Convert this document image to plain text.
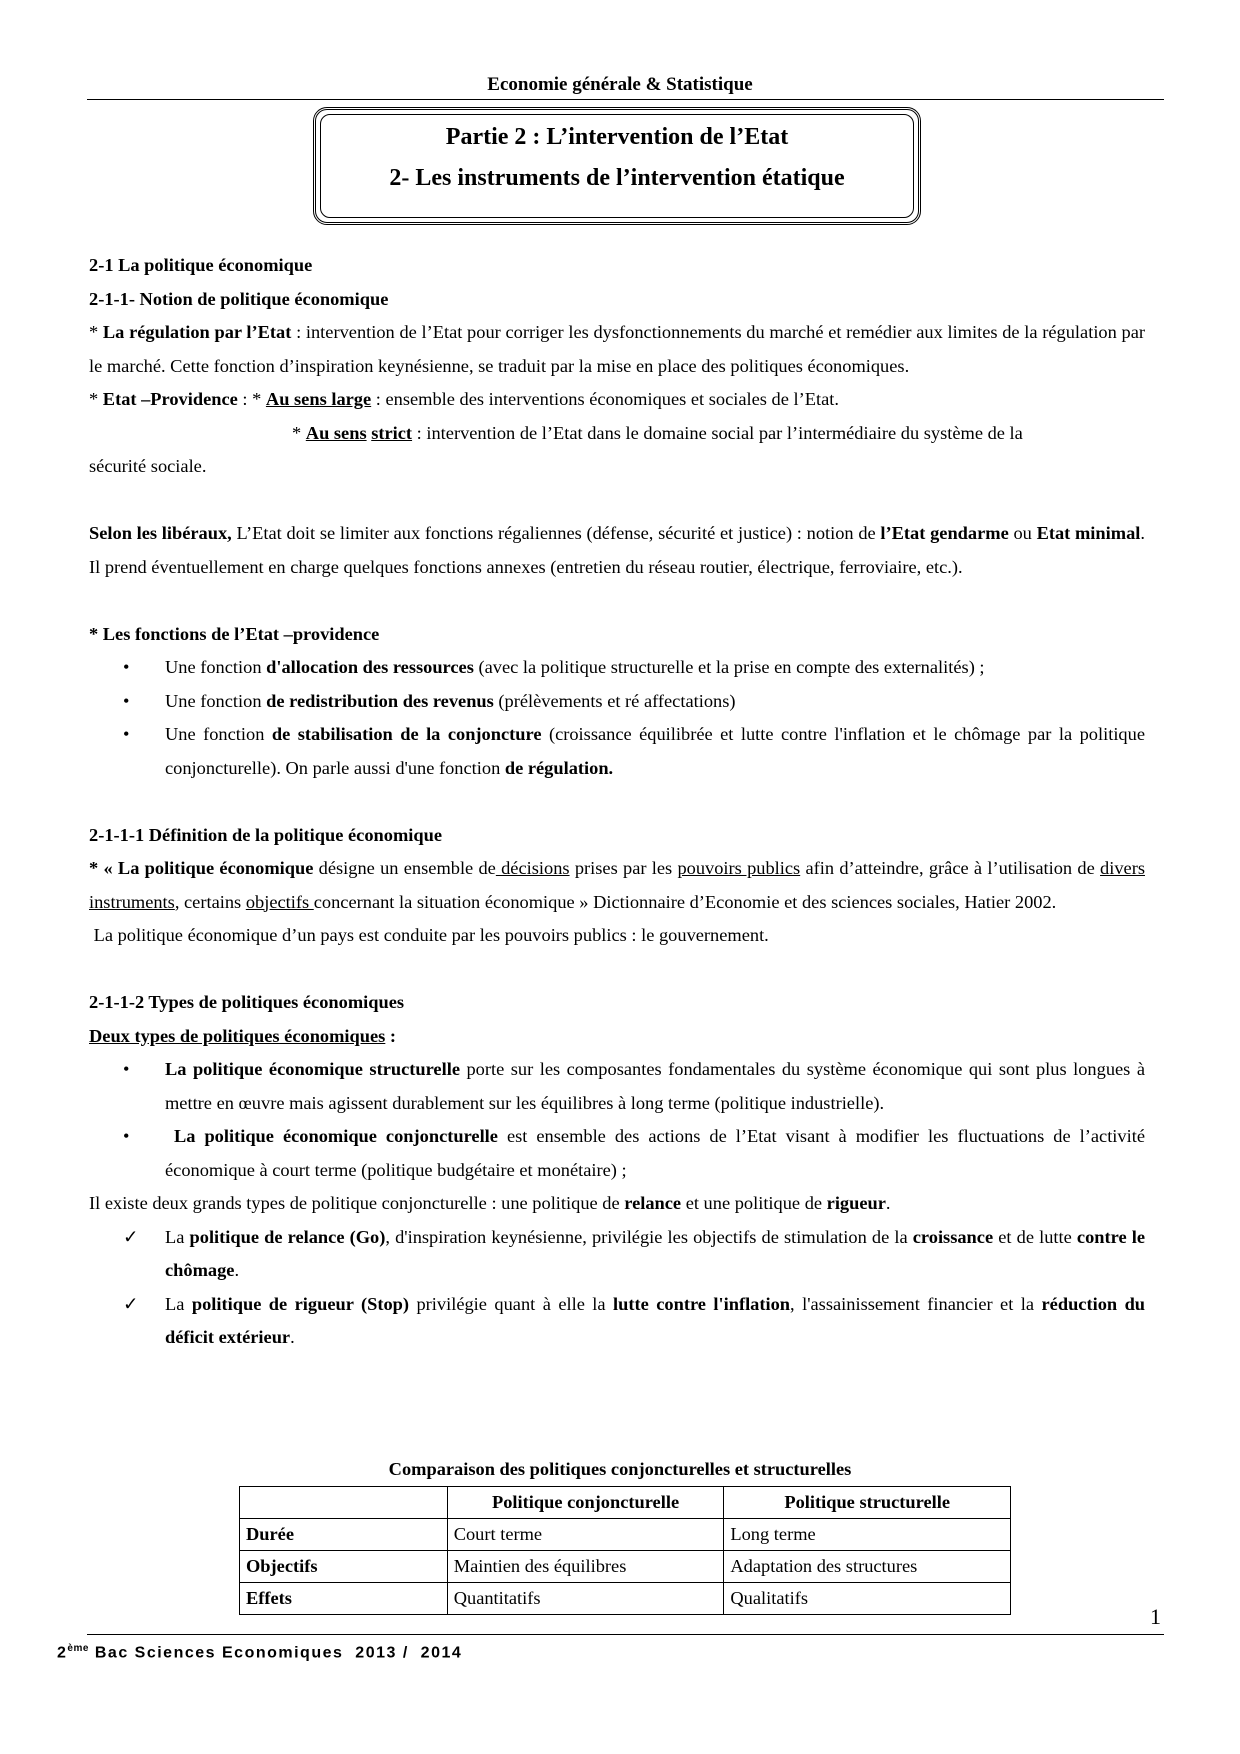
Economie générale & Statistique
Partie 2 : L’intervention de l’Etat
2- Les instruments de l’intervention étatique

2-1 La politique économique

2-1-1- Notion de politique économique

* La régulation par l’Etat : intervention de l’Etat pour corriger les dysfonctionnements du marché et remédier aux limites de la régulation par le marché. Cette fonction d’inspiration keynésienne, se traduit par la mise en place des politiques économiques.

* Etat –Providence : * Au sens large : ensemble des interventions économiques et sociales de l’Etat.

* Au sens strict : intervention de l’Etat dans le domaine social par l’intermédiaire du système de la

sécurité sociale.

Selon les libéraux, L’Etat doit se limiter aux fonctions régaliennes (défense, sécurité et justice) : notion de l’Etat gendarme ou Etat minimal. Il prend éventuellement en charge quelques fonctions annexes (entretien du réseau routier, électrique, ferroviaire, etc.).

* Les fonctions de l’Etat –providence

• Une fonction d'allocation des ressources (avec la politique structurelle et la prise en compte des externalités) ;
• Une fonction de redistribution des revenus (prélèvements et ré affectations)
• Une fonction de stabilisation de la conjoncture (croissance équilibrée et lutte contre l'inflation et le chômage par la politique conjoncturelle). On parle aussi d'une fonction de régulation.

2-1-1-1 Définition de la politique économique

* « La politique économique désigne un ensemble de décisions prises par les pouvoirs publics afin d’atteindre, grâce à l’utilisation de divers instruments, certains objectifs concernant la situation économique » Dictionnaire d’Economie et des sciences sociales, Hatier 2002.

La politique économique d’un pays est conduite par les pouvoirs publics : le gouvernement.

2-1-1-2 Types de politiques économiques

Deux types de politiques économiques :

• La politique économique structurelle porte sur les composantes fondamentales du système économique qui sont plus longues à mettre en œuvre mais agissent durablement sur les équilibres à long terme (politique industrielle).
• La politique économique conjoncturelle est ensemble des actions de l’Etat visant à modifier les fluctuations de l’activité économique à court terme (politique budgétaire et monétaire) ;

Il existe deux grands types de politique conjoncturelle : une politique de relance et une politique de rigueur.

✓ La politique de relance (Go), d'inspiration keynésienne, privilégie les objectifs de stimulation de la croissance et de lutte contre le chômage.
✓ La politique de rigueur (Stop) privilégie quant à elle la lutte contre l'inflation, l'assainissement financier et la réduction du déficit extérieur.
Comparaison des politiques conjoncturelles et structurelles
	Politique conjoncturelle	Politique structurelle
Durée	Court terme	Long terme
Objectifs	Maintien des équilibres	Adaptation des structures
Effets	Quantitatifs	Qualitatifs
1
2ème Bac Sciences Economiques  2013 /  2014
